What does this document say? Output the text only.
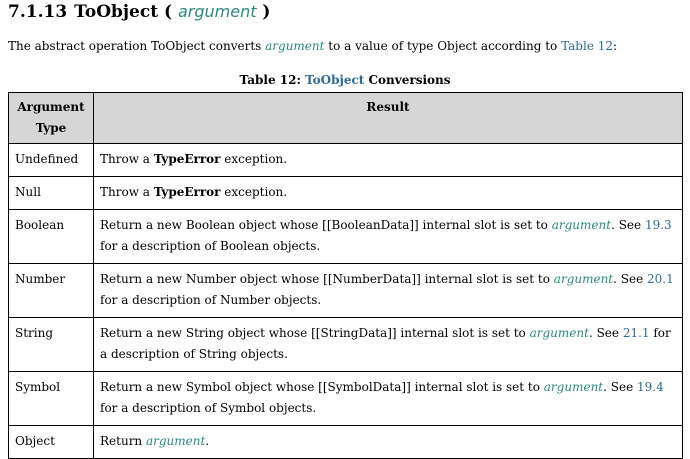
7.1.13 ToObject ( argument )
The abstract operation ToObject converts argument to a value of type Object according to Table 12:
Table 12: ToObject Conversions
Argument Type	Result
Undefined	Throw a TypeError exception.
Null	Throw a TypeError exception.
Boolean	Return a new Boolean object whose [[BooleanData]] internal slot is set to argument. See 19.3 for a description of Boolean objects.
Number	Return a new Number object whose [[NumberData]] internal slot is set to argument. See 20.1 for a description of Number objects.
String	Return a new String object whose [[StringData]] internal slot is set to argument. See 21.1 for a description of String objects.
Symbol	Return a new Symbol object whose [[SymbolData]] internal slot is set to argument. See 19.4 for a description of Symbol objects.
Object	Return argument.
